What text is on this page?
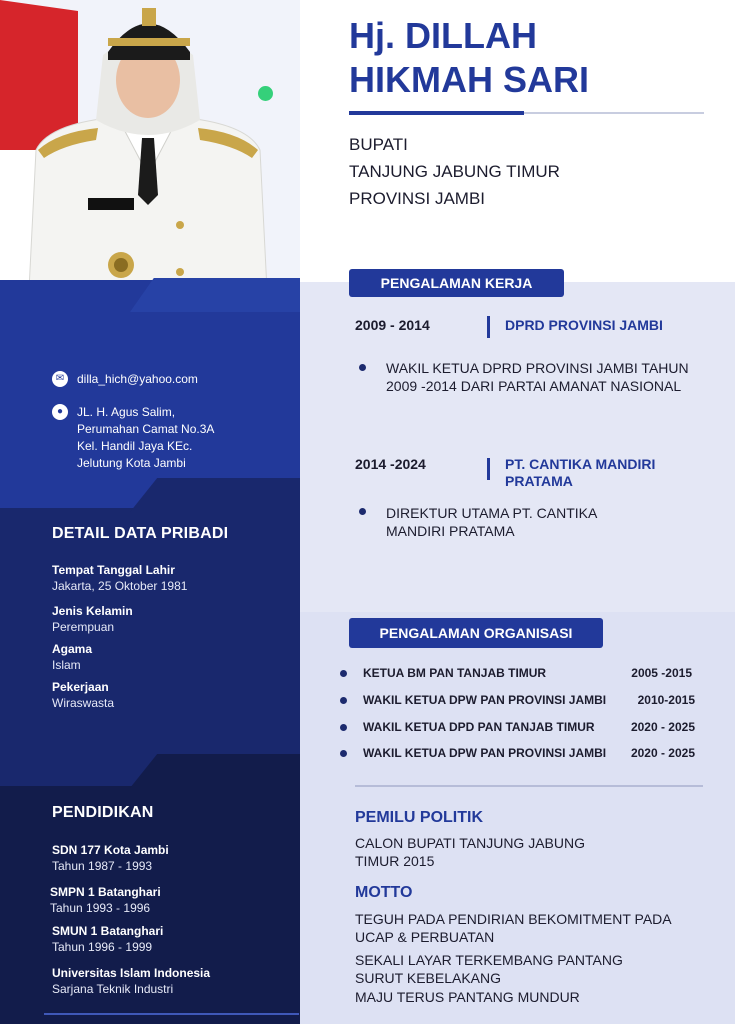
✉	dilla_hich@yahoo.com
●	JL. H. Agus Salim,
Perumahan Camat No.3A
Kel. Handil Jaya KEc.
Jelutung Kota Jambi
DETAIL DATA PRIBADI
Tempat Tanggal Lahir
Jakarta, 25 Oktober 1981
Jenis Kelamin
Perempuan
Agama
Islam
Pekerjaan
Wiraswasta
PENDIDIKAN
SDN 177 Kota Jambi
Tahun 1987 - 1993
SMPN 1 Batanghari
Tahun 1993 - 1996
SMUN 1 Batanghari
Tahun 1996 - 1999
Universitas Islam Indonesia
Sarjana Teknik Industri
Hj. DILLAH
HIKMAH SARI
BUPATI
TANJUNG JABUNG TIMUR
PROVINSI JAMBI
PENGALAMAN KERJA
2009 - 2014	DPRD PROVINSI JAMBI
WAKIL KETUA DPRD PROVINSI JAMBI TAHUN 2009 -2014 DARI PARTAI AMANAT NASIONAL
2014 -2024	PT. CANTIKA MANDIRI PRATAMA
DIREKTUR UTAMA PT. CANTIKA MANDIRI PRATAMA
PENGALAMAN ORGANISASI
KETUA BM PAN TANJAB TIMUR	2005 -2015
WAKIL KETUA DPW PAN PROVINSI JAMBI	2010-2015
WAKIL KETUA DPD PAN TANJAB TIMUR	2020 - 2025
WAKIL KETUA DPW PAN PROVINSI JAMBI 2020 - 2025
PEMILU POLITIK
CALON BUPATI TANJUNG JABUNG TIMUR 2015
MOTTO
TEGUH PADA PENDIRIAN BEKOMITMENT PADA UCAP & PERBUATAN
SEKALI LAYAR TERKEMBANG PANTANG SURUT KEBELAKANG
MAJU TERUS PANTANG MUNDUR
